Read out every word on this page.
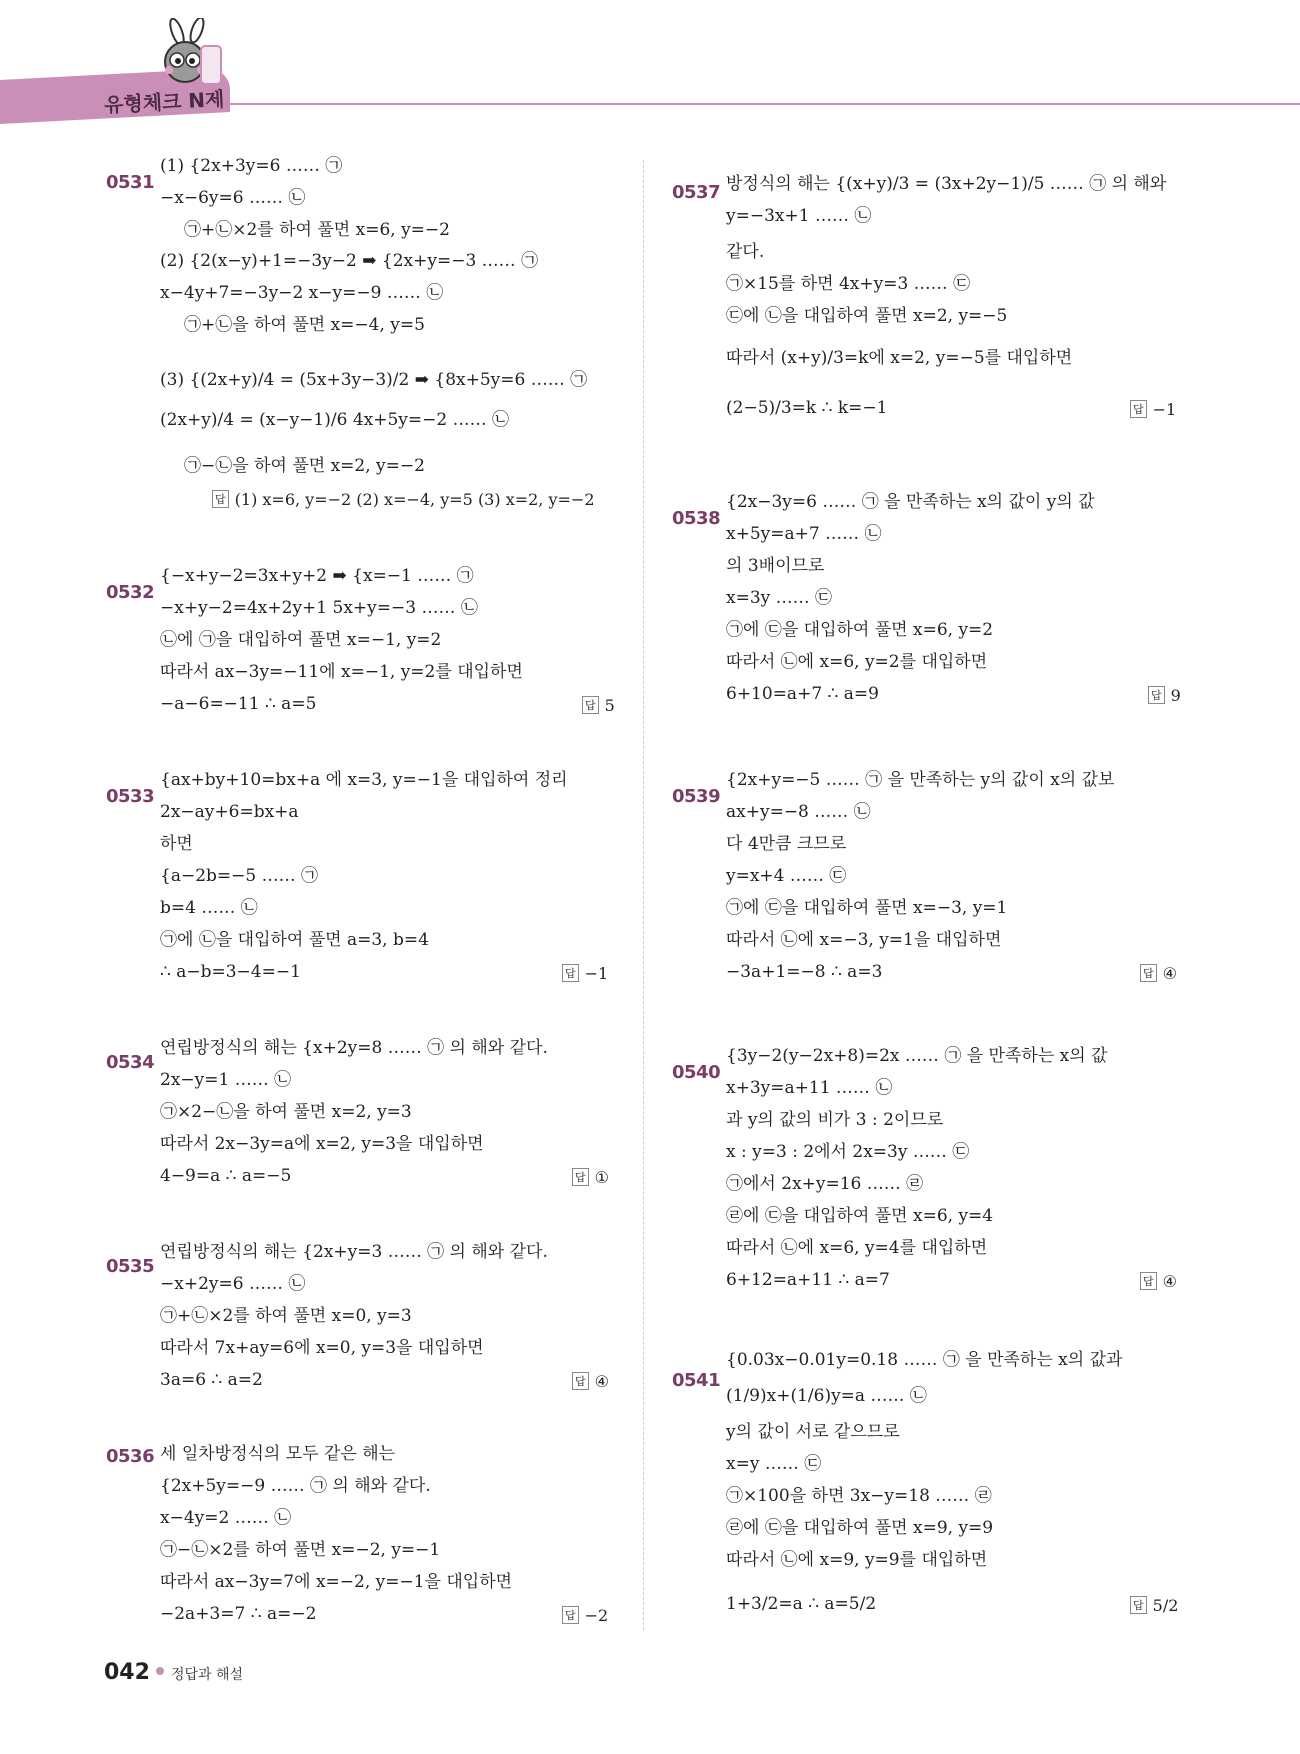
유형체크 N제
0531
(1) {2x+3y=6 …… ㉠
−x−6y=6 …… ㉡
㉠+㉡×2를 하여 풀면 x=6, y=−2
(2) {2(x−y)+1=−3y−2 ➡ {2x+y=−3 …… ㉠
x−4y+7=−3y−2 x−y=−9 …… ㉡
㉠+㉡을 하여 풀면 x=−4, y=5
(3) {(2x+y)/4 = (5x+3y−3)/2 ➡ {8x+5y=6 …… ㉠
(2x+y)/4 = (x−y−1)/6 4x+5y=−2 …… ㉡
㉠−㉡을 하여 풀면 x=2, y=−2
답 (1) x=6, y=−2 (2) x=−4, y=5 (3) x=2, y=−2
0532
{−x+y−2=3x+y+2 ➡ {x=−1 …… ㉠
−x+y−2=4x+2y+1 5x+y=−3 …… ㉡
㉡에 ㉠을 대입하여 풀면 x=−1, y=2
따라서 ax−3y=−11에 x=−1, y=2를 대입하면
−a−6=−11 ∴ a=5	답 5
0533
{ax+by+10=bx+a 에 x=3, y=−1을 대입하여 정리
2x−ay+6=bx+a
하면
{a−2b=−5 …… ㉠
b=4 …… ㉡
㉠에 ㉡을 대입하여 풀면 a=3, b=4
∴ a−b=3−4=−1	답 −1
0534
연립방정식의 해는 {x+2y=8 …… ㉠ 의 해와 같다.
2x−y=1 …… ㉡
㉠×2−㉡을 하여 풀면 x=2, y=3
따라서 2x−3y=a에 x=2, y=3을 대입하면
4−9=a ∴ a=−5	답 ①
0535
연립방정식의 해는 {2x+y=3 …… ㉠ 의 해와 같다.
−x+2y=6 …… ㉡
㉠+㉡×2를 하여 풀면 x=0, y=3
따라서 7x+ay=6에 x=0, y=3을 대입하면
3a=6 ∴ a=2	답 ④
0536 세 일차방정식의 모두 같은 해는
{2x+5y=−9 …… ㉠ 의 해와 같다.
x−4y=2 …… ㉡
㉠−㉡×2를 하여 풀면 x=−2, y=−1
따라서 ax−3y=7에 x=−2, y=−1을 대입하면
−2a+3=7 ∴ a=−2	답 −2
0537 방정식의 해는 {(x+y)/3 = (3x+2y−1)/5 …… ㉠ 의 해와
y=−3x+1 …… ㉡
같다.
㉠×15를 하면 4x+y=3 …… ㉢
㉢에 ㉡을 대입하여 풀면 x=2, y=−5
따라서 (x+y)/3=k에 x=2, y=−5를 대입하면
(2−5)/3=k ∴ k=−1	답 −1
0538
{2x−3y=6 …… ㉠ 을 만족하는 x의 값이 y의 값
x+5y=a+7 …… ㉡
의 3배이므로
x=3y …… ㉢
㉠에 ㉢을 대입하여 풀면 x=6, y=2
따라서 ㉡에 x=6, y=2를 대입하면
6+10=a+7 ∴ a=9	답 9
0539
{2x+y=−5 …… ㉠ 을 만족하는 y의 값이 x의 값보
ax+y=−8 …… ㉡
다 4만큼 크므로
y=x+4 …… ㉢
㉠에 ㉢을 대입하여 풀면 x=−3, y=1
따라서 ㉡에 x=−3, y=1을 대입하면
−3a+1=−8 ∴ a=3	답 ④
0540
{3y−2(y−2x+8)=2x …… ㉠ 을 만족하는 x의 값
x+3y=a+11 …… ㉡
과 y의 값의 비가 3 : 2이므로
x : y=3 : 2에서 2x=3y …… ㉢
㉠에서 2x+y=16 …… ㉣
㉣에 ㉢을 대입하여 풀면 x=6, y=4
따라서 ㉡에 x=6, y=4를 대입하면
6+12=a+11 ∴ a=7	답 ④
0541
{0.03x−0.01y=0.18 …… ㉠ 을 만족하는 x의 값과
(1/9)x+(1/6)y=a …… ㉡
y의 값이 서로 같으므로
x=y …… ㉢
㉠×100을 하면 3x−y=18 …… ㉣
㉣에 ㉢을 대입하여 풀면 x=9, y=9
따라서 ㉡에 x=9, y=9를 대입하면
1+3/2=a ∴ a=5/2	답 5/2
042 정답과 해설
